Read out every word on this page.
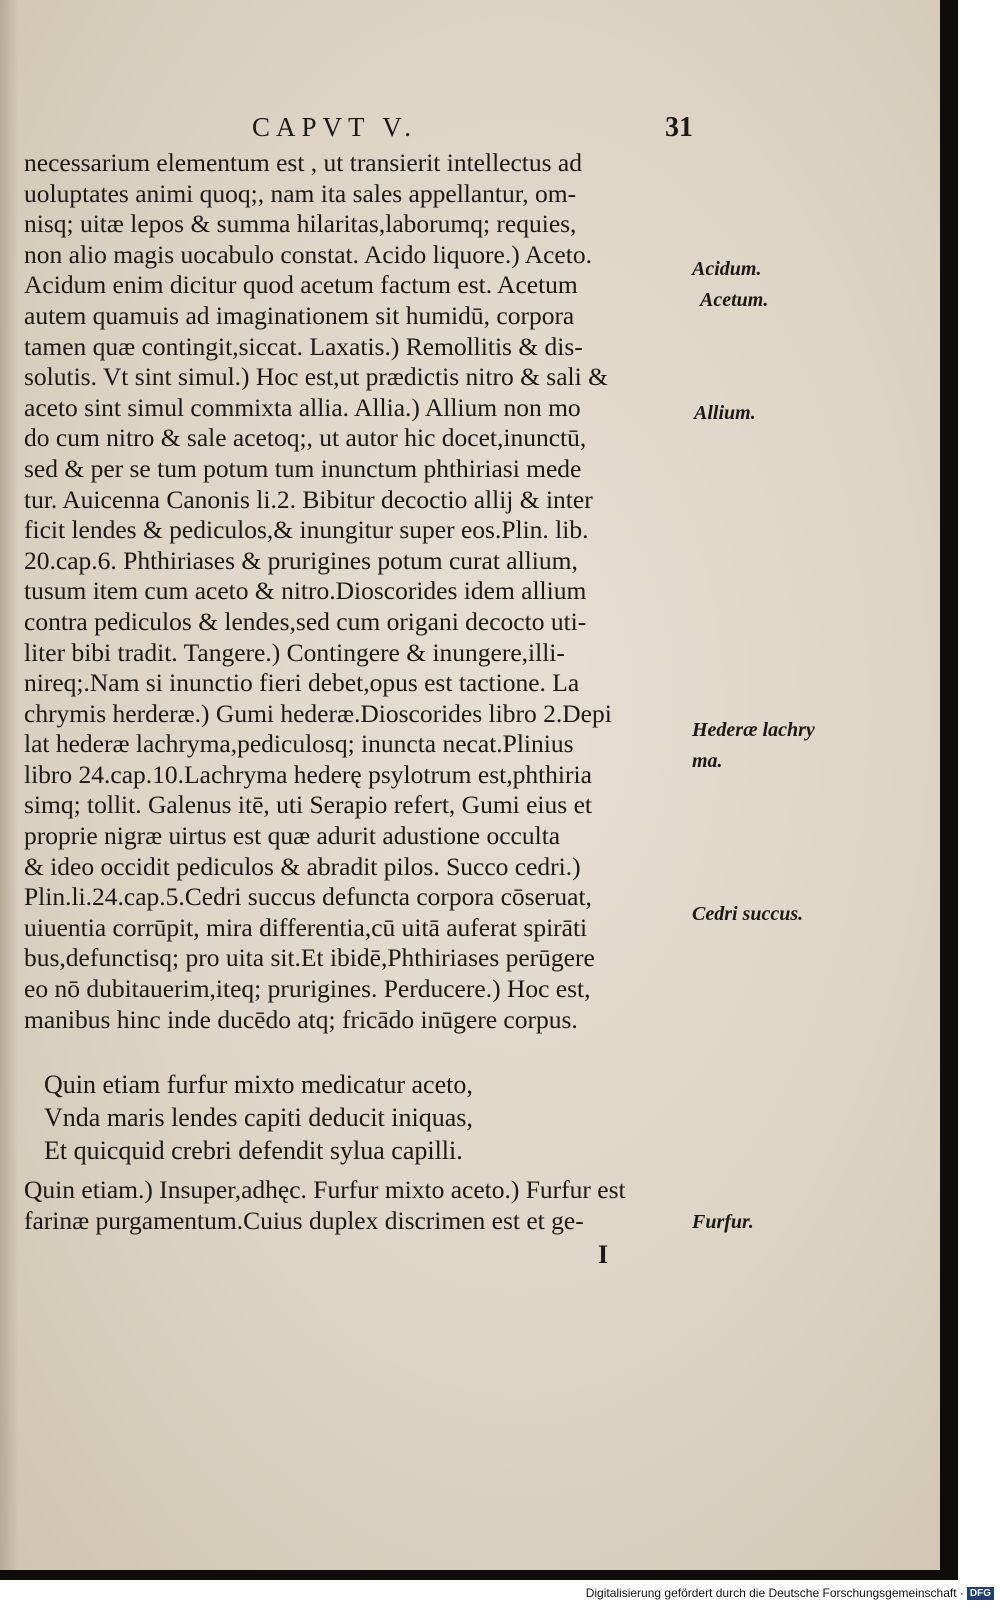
CAPVT V.	31
necessarium elementum est , ut transierit intellectus ad
uoluptates animi quoq;, nam ita sales appellantur, om-
nisq; uitæ lepos & summa hilaritas,laborumq; requies,
non alio magis uocabulo constat. Acido liquore.) Aceto.
Acidum enim dicitur quod acetum factum est. Acetum
autem quamuis ad imaginationem sit humidū, corpora
tamen quæ contingit,siccat. Laxatis.) Remollitis & dis-
solutis. Vt sint simul.) Hoc est,ut prædictis nitro & sali &
aceto sint simul commixta allia. Allia.) Allium non mo
do cum nitro & sale acetoq;, ut autor hic docet,inunctū,
sed & per se tum potum tum inunctum phthiriasi mede
tur. Auicenna Canonis li.2. Bibitur decoctio allij & inter
ficit lendes & pediculos,& inungitur super eos.Plin. lib.
20.cap.6. Phthiriases & prurigines potum curat allium,
tusum item cum aceto & nitro.Dioscorides idem allium
contra pediculos & lendes,sed cum origani decocto uti-
liter bibi tradit. Tangere.) Contingere & inungere,illi-
nireq;.Nam si inunctio fieri debet,opus est tactione. La
chrymis herderæ.) Gumi hederæ.Dioscorides libro 2.Depi
lat hederæ lachryma,pediculosq; inuncta necat.Plinius
libro 24.cap.10.Lachryma hederę psylotrum est,phthiria
simq; tollit. Galenus itē, uti Serapio refert, Gumi eius et
proprie nigræ uirtus est quæ adurit adustione occulta
& ideo occidit pediculos & abradit pilos. Succo cedri.)
Plin.li.24.cap.5.Cedri succus defuncta corpora cōseruat,
uiuentia corrūpit, mira differentia,cū uitā auferat spirāti
bus,defunctisq; pro uita sit.Et ibidē,Phthiriases perūgere
eo nō dubitauerim,iteq; prurigines. Perducere.) Hoc est,
manibus hinc inde ducēdo atq; fricādo inūgere corpus.
Quin etiam furfur mixto medicatur aceto,
Vnda maris lendes capiti deducit iniquas,
Et quicquid crebri defendit sylua capilli.
Quin etiam.) Insuper,adhęc. Furfur mixto aceto.) Furfur est
farinæ purgamentum.Cuius duplex discrimen est et ge-
Acidum.
Acetum.
Allium.
Hederæ lachry
ma.
Cedri succus.
Furfur.
I
Digitalisierung gefördert durch die Deutsche Forschungsgemeinschaft · DFG
